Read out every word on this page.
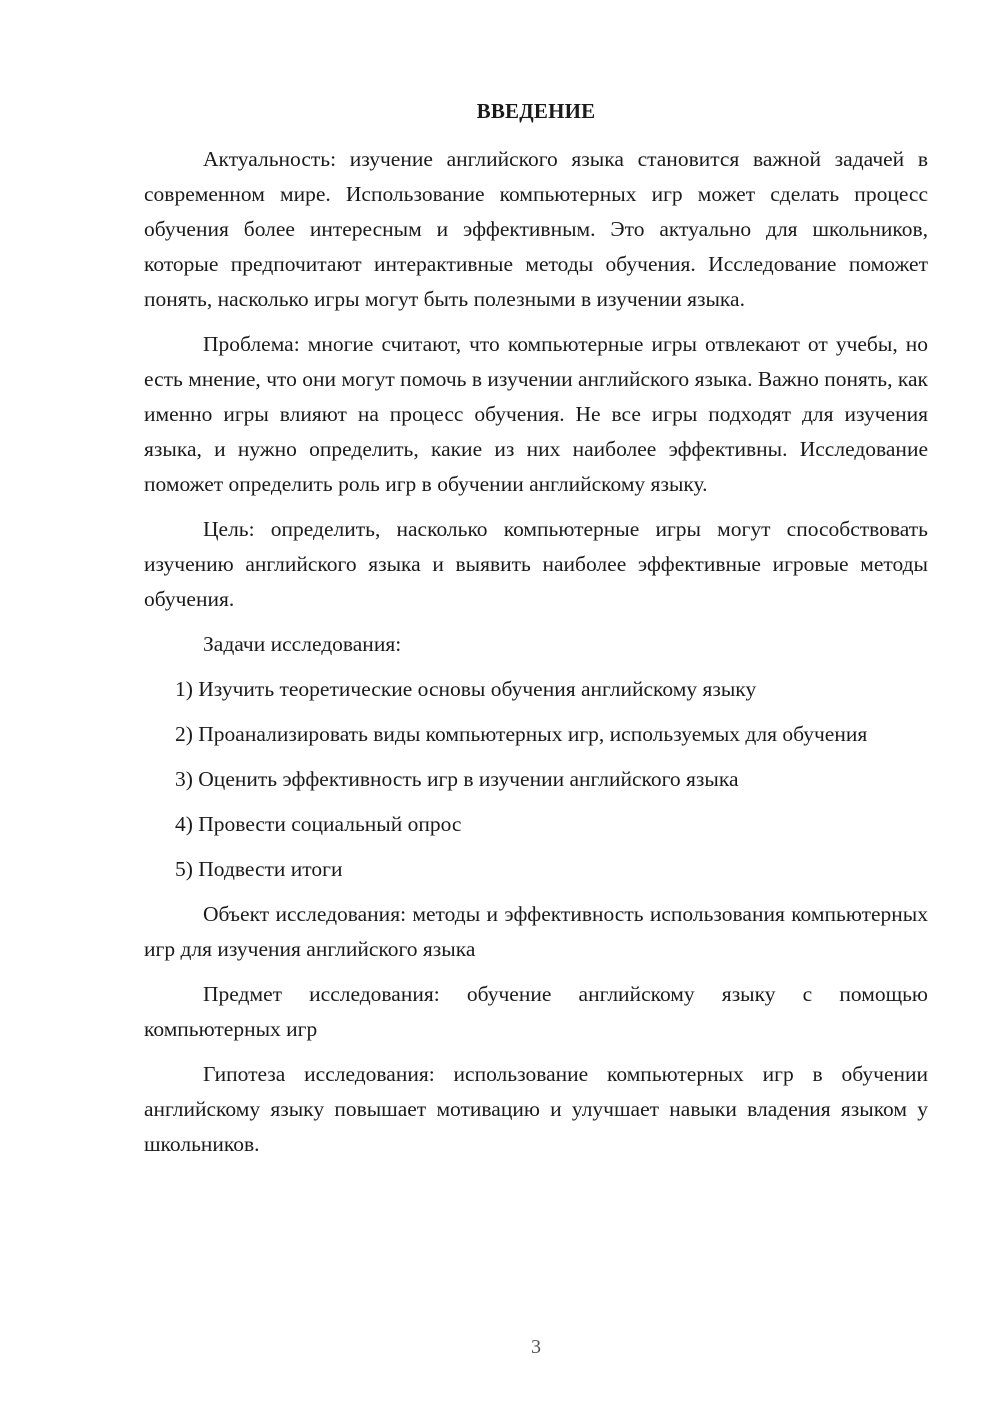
ВВЕДЕНИЕ

Актуальность: изучение английского языка становится важной задачей в современном мире. Использование компьютерных игр может сделать процесс обучения более интересным и эффективным. Это актуально для школьников, которые предпочитают интерактивные методы обучения. Исследование поможет понять, насколько игры могут быть полезными в изучении языка.

Проблема: многие считают, что компьютерные игры отвлекают от учебы, но есть мнение, что они могут помочь в изучении английского языка. Важно понять, как именно игры влияют на процесс обучения. Не все игры подходят для изучения языка, и нужно определить, какие из них наиболее эффективны. Исследование поможет определить роль игр в обучении английскому языку.

Цель: определить, насколько компьютерные игры могут способствовать изучению английского языка и выявить наиболее эффективные игровые методы обучения.

Задачи исследования:

1) Изучить теоретические основы обучения английскому языку

2) Проанализировать виды компьютерных игр, используемых для обучения

3) Оценить эффективность игр в изучении английского языка

4) Провести социальный опрос

5) Подвести итоги

Объект исследования: методы и эффективность использования компьютерных игр для изучения английского языка

Предмет исследования: обучение английскому языку с помощью компьютерных игр

Гипотеза исследования: использование компьютерных игр в обучении английскому языку повышает мотивацию и улучшает навыки владения языком у школьников.

3
